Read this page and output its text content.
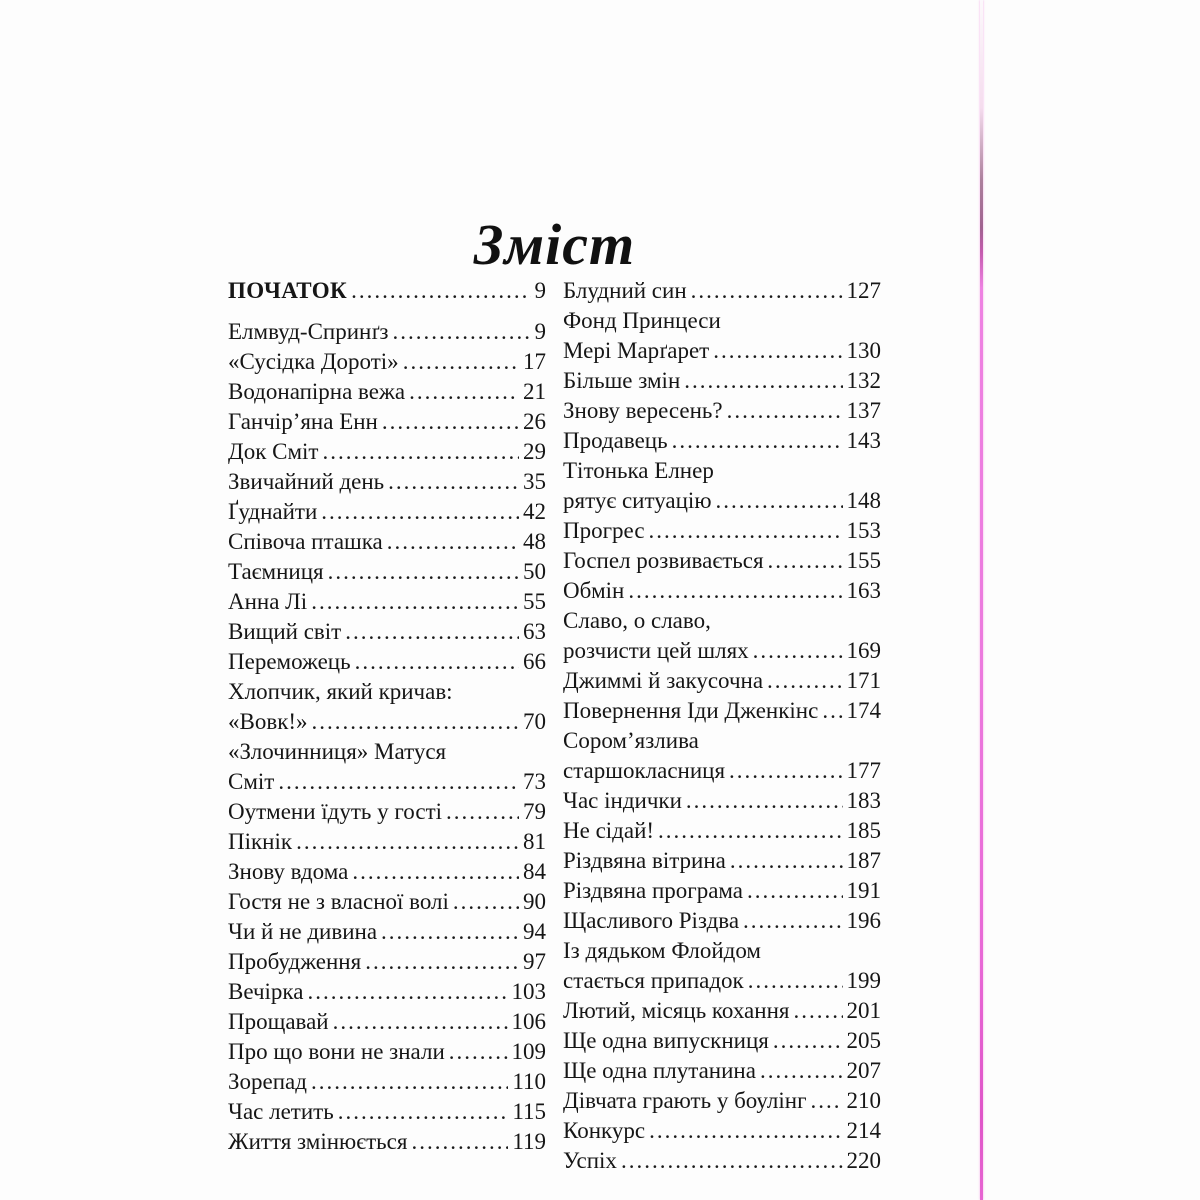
Зміст
ПОЧАТОК .....	9
Елмвуд-Спринґз .....	9
«Сусідка Дороті» .....	17
Водонапірна вежа .....	21
Ганчір’яна Енн .....	26
Док Сміт .....	29
Звичайний день .....	35
Ґуднайти .....	42
Співоча пташка .....	48
Таємниця .....	50
Анна Лі .....	55
Вищий світ .....	63
Переможець .....	66
Хлопчик, який кричав:
«Вовк!» .....	70
«Злочинниця» Матуся
Сміт .....	73
Оутмени їдуть у гості .....	79
Пікнік .....	81
Знову вдома .....	84
Гостя не з власної волі .....	90
Чи й не дивина .....	94
Пробудження .....	97
Вечірка .....	103
Прощавай .....	106
Про що вони не знали .....	109
Зорепад .....	110
Час летить .....	115
Життя змінюється .....	119
Блудний син .....	127
Фонд Принцеси
Мері Марґарет .....	130
Більше змін .....	132
Знову вересень? .....	137
Продавець .....	143
Тітонька Елнер
рятує ситуацію .....	148
Прогрес .....	153
Госпел розвивається .....	155
Обмін .....	163
Славо, о славо,
розчисти цей шлях .....	169
Джиммі й закусочна .....	171
Повернення Іди Дженкінс ..... 174
Сором’язлива
старшокласниця .....	177
Час індички .....	183
Не сідай! .....	185
Різдвяна вітрина .....	187
Різдвяна програма .....	191
Щасливого Різдва .....	196
Із дядьком Флойдом
стається припадок .....	199
Лютий, місяць кохання ..... 201
Ще одна випускниця .....	205
Ще одна плутанина .....	207
Дівчата грають у боулінг ..... 210
Конкурс .....	214
Успіх .....	220
